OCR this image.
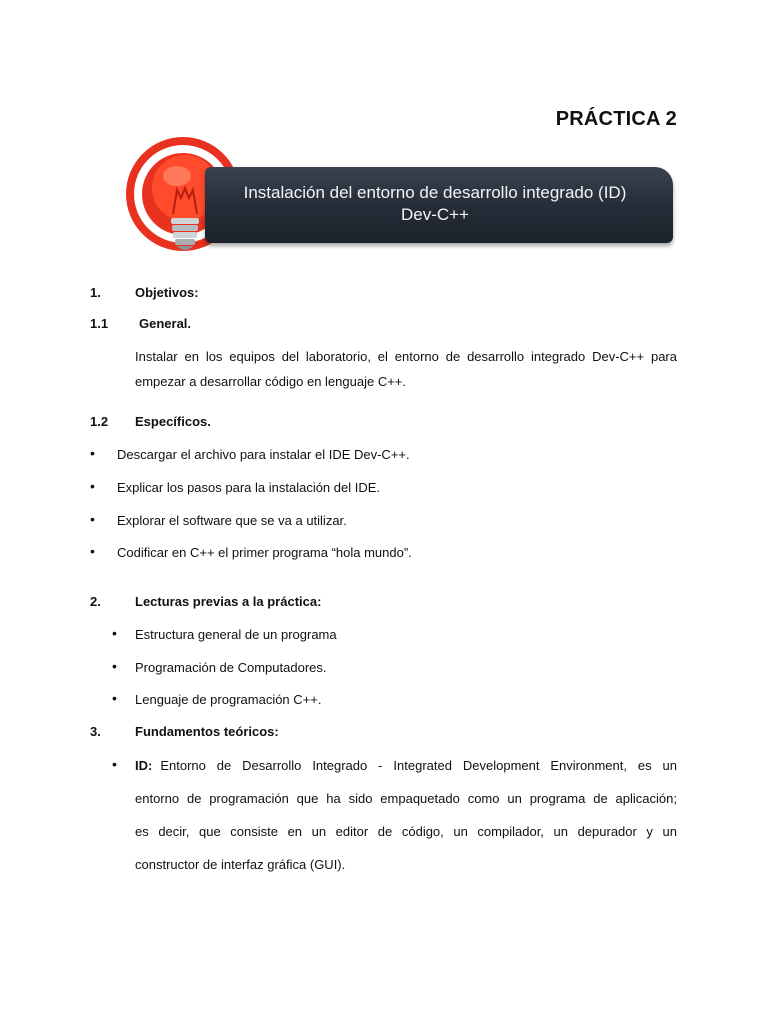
PRÁCTICA 2
Instalación del entorno de desarrollo integrado (ID)
Dev-C++
1.	Objetivos:
1.1 General.
Instalar en los equipos del laboratorio, el entorno de desarrollo integrado Dev-C++ para
empezar a desarrollar código en lenguaje C++.
1.2 Específicos.
• Descargar el archivo para instalar el IDE Dev-C++.
• Explicar los pasos para la instalación del IDE.
• Explorar el software que se va a utilizar.
• Codificar en C++ el primer programa “hola mundo”.
2.	Lecturas previas a la práctica:
• Estructura general de un programa
• Programación de Computadores.
• Lenguaje de programación C++.
3.	Fundamentos teóricos:
• ID: Entorno de Desarrollo Integrado - Integrated Development Environment, es un
entorno de programación que ha sido empaquetado como un programa de aplicación;
es decir, que consiste en un editor de código, un compilador, un depurador y un
constructor de interfaz gráfica (GUI).
